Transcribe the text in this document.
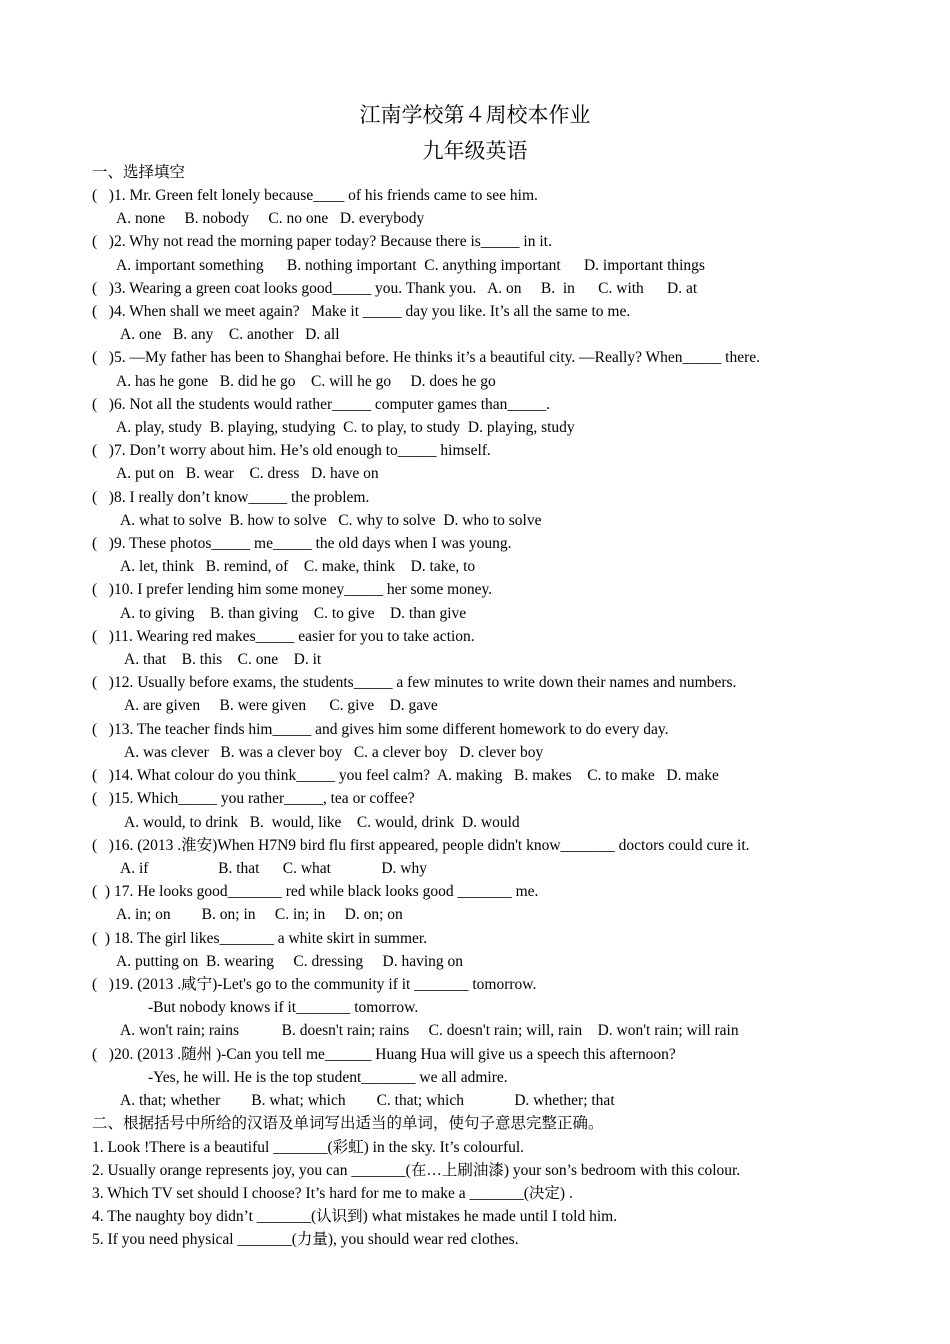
江南学校第４周校本作业
九年级英语
一、选择填空
(   )1. Mr. Green felt lonely because____ of his friends came to see him.
A. none     B. nobody     C. no one   D. everybody
(   )2. Why not read the morning paper today? Because there is_____ in it.
A. important something      B. nothing important  C. anything important      D. important things
(   )3. Wearing a green coat looks good_____ you. Thank you.   A. on     B.  in      C. with      D. at
(   )4. When shall we meet again?   Make it _____ day you like. It’s all the same to me.
A. one   B. any    C. another   D. all
(   )5. —My father has been to Shanghai before. He thinks it’s a beautiful city. —Really? When_____ there.
A. has he gone   B. did he go    C. will he go     D. does he go
(   )6. Not all the students would rather_____ computer games than_____.
A. play, study  B. playing, studying  C. to play, to study  D. playing, study
(   )7. Don’t worry about him. He’s old enough to_____ himself.
A. put on   B. wear    C. dress   D. have on
(   )8. I really don’t know_____ the problem.
A. what to solve  B. how to solve   C. why to solve  D. who to solve
(   )9. These photos_____ me_____ the old days when I was young.
A. let, think   B. remind, of    C. make, think    D. take, to
(   )10. I prefer lending him some money_____ her some money.
A. to giving    B. than giving    C. to give    D. than give
(   )11. Wearing red makes_____ easier for you to take action.
A. that    B. this    C. one    D. it
(   )12. Usually before exams, the students_____ a few minutes to write down their names and numbers.
A. are given     B. were given      C. give    D. gave
(   )13. The teacher finds him_____ and gives him some different homework to do every day.
A. was clever   B. was a clever boy   C. a clever boy   D. clever boy
(   )14. What colour do you think_____ you feel calm?  A. making   B. makes    C. to make   D. make
(   )15. Which_____ you rather_____, tea or coffee?
A. would, to drink   B.  would, like    C. would, drink  D. would
(   )16. (2013 .淮安)When H7N9 bird flu first appeared, people didn't know_______ doctors could cure it.
A. if                  B. that      C. what             D. why
(  ) 17. He looks good_______ red while black looks good _______ me.
A. in; on        B. on; in     C. in; in     D. on; on
(  ) 18. The girl likes_______ a white skirt in summer.
A. putting on  B. wearing     C. dressing     D. having on
(   )19. (2013 .咸宁)-Let's go to the community if it _______ tomorrow.
-But nobody knows if it_______ tomorrow.
A. won't rain; rains           B. doesn't rain; rains     C. doesn't rain; will, rain    D. won't rain; will rain
(   )20. (2013 .随州 )-Can you tell me______ Huang Hua will give us a speech this afternoon?
-Yes, he will. He is the top student_______ we all admire.
A. that; whether        B. what; which        C. that; which             D. whether; that
二、根据括号中所给的汉语及单词写出适当的单词，使句子意思完整正确。
1. Look !There is a beautiful _______(彩虹) in the sky. It’s colourful.
2. Usually orange represents joy, you can _______(在…上刷油漆) your son’s bedroom with this colour.
3. Which TV set should I choose? It’s hard for me to make a _______(决定) .
4. The naughty boy didn’t _______(认识到) what mistakes he made until I told him.
5. If you need physical _______(力量), you should wear red clothes.
